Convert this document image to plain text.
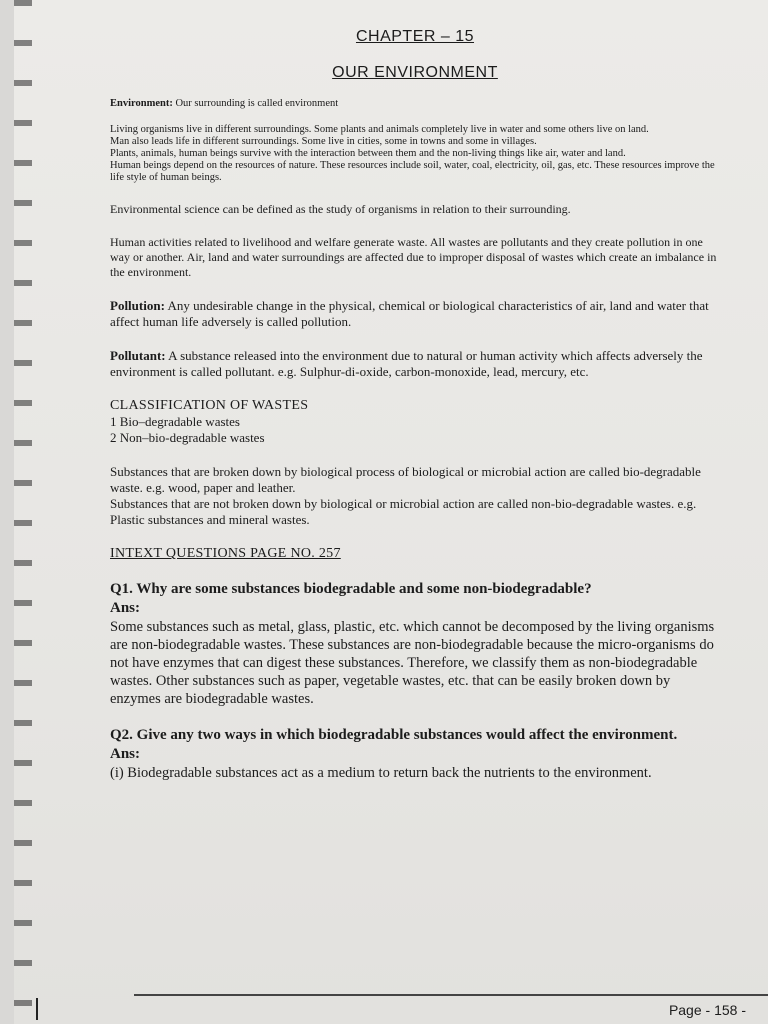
CHAPTER – 15
OUR ENVIRONMENT

Environment: Our surrounding is called environment

Living organisms live in different surroundings. Some plants and animals completely live in water and some others live on land.

Man also leads life in different surroundings. Some live in cities, some in towns and some in villages.

Plants, animals, human beings survive with the interaction between them and the non-living things like air, water and land.

Human beings depend on the resources of nature. These resources include soil, water, coal, electricity, oil, gas, etc. These resources improve the life style of human beings.

Environmental science can be defined as the study of organisms in relation to their surrounding.

Human activities related to livelihood and welfare generate waste. All wastes are pollutants and they create pollution in one way or another. Air, land and water surroundings are affected due to improper disposal of wastes which create an imbalance in the environment.

Pollution: Any undesirable change in the physical, chemical or biological characteristics of air, land and water that affect human life adversely is called pollution.

Pollutant: A substance released into the environment due to natural or human activity which affects adversely the environment is called pollutant. e.g. Sulphur-di-oxide, carbon-monoxide, lead, mercury, etc.

CLASSIFICATION OF WASTES

1 Bio–degradable wastes

2 Non–bio-degradable wastes

Substances that are broken down by biological process of biological or microbial action are called bio-degradable waste. e.g. wood, paper and leather.

Substances that are not broken down by biological or microbial action are called non-bio-degradable wastes. e.g. Plastic substances and mineral wastes.

INTEXT QUESTIONS PAGE NO. 257

Q1. Why are some substances biodegradable and some non-biodegradable?

Ans:

Some substances such as metal, glass, plastic, etc. which cannot be decomposed by the living organisms are non-biodegradable wastes. These substances are non-biodegradable because the micro-organisms do not have enzymes that can digest these substances. Therefore, we classify them as non-biodegradable wastes. Other substances such as paper, vegetable wastes, etc. that can be easily broken down by enzymes are biodegradable wastes.

Q2. Give any two ways in which biodegradable substances would affect the environment.

Ans:

(i) Biodegradable substances act as a medium to return back the nutrients to the environment.

Page - 158 -
